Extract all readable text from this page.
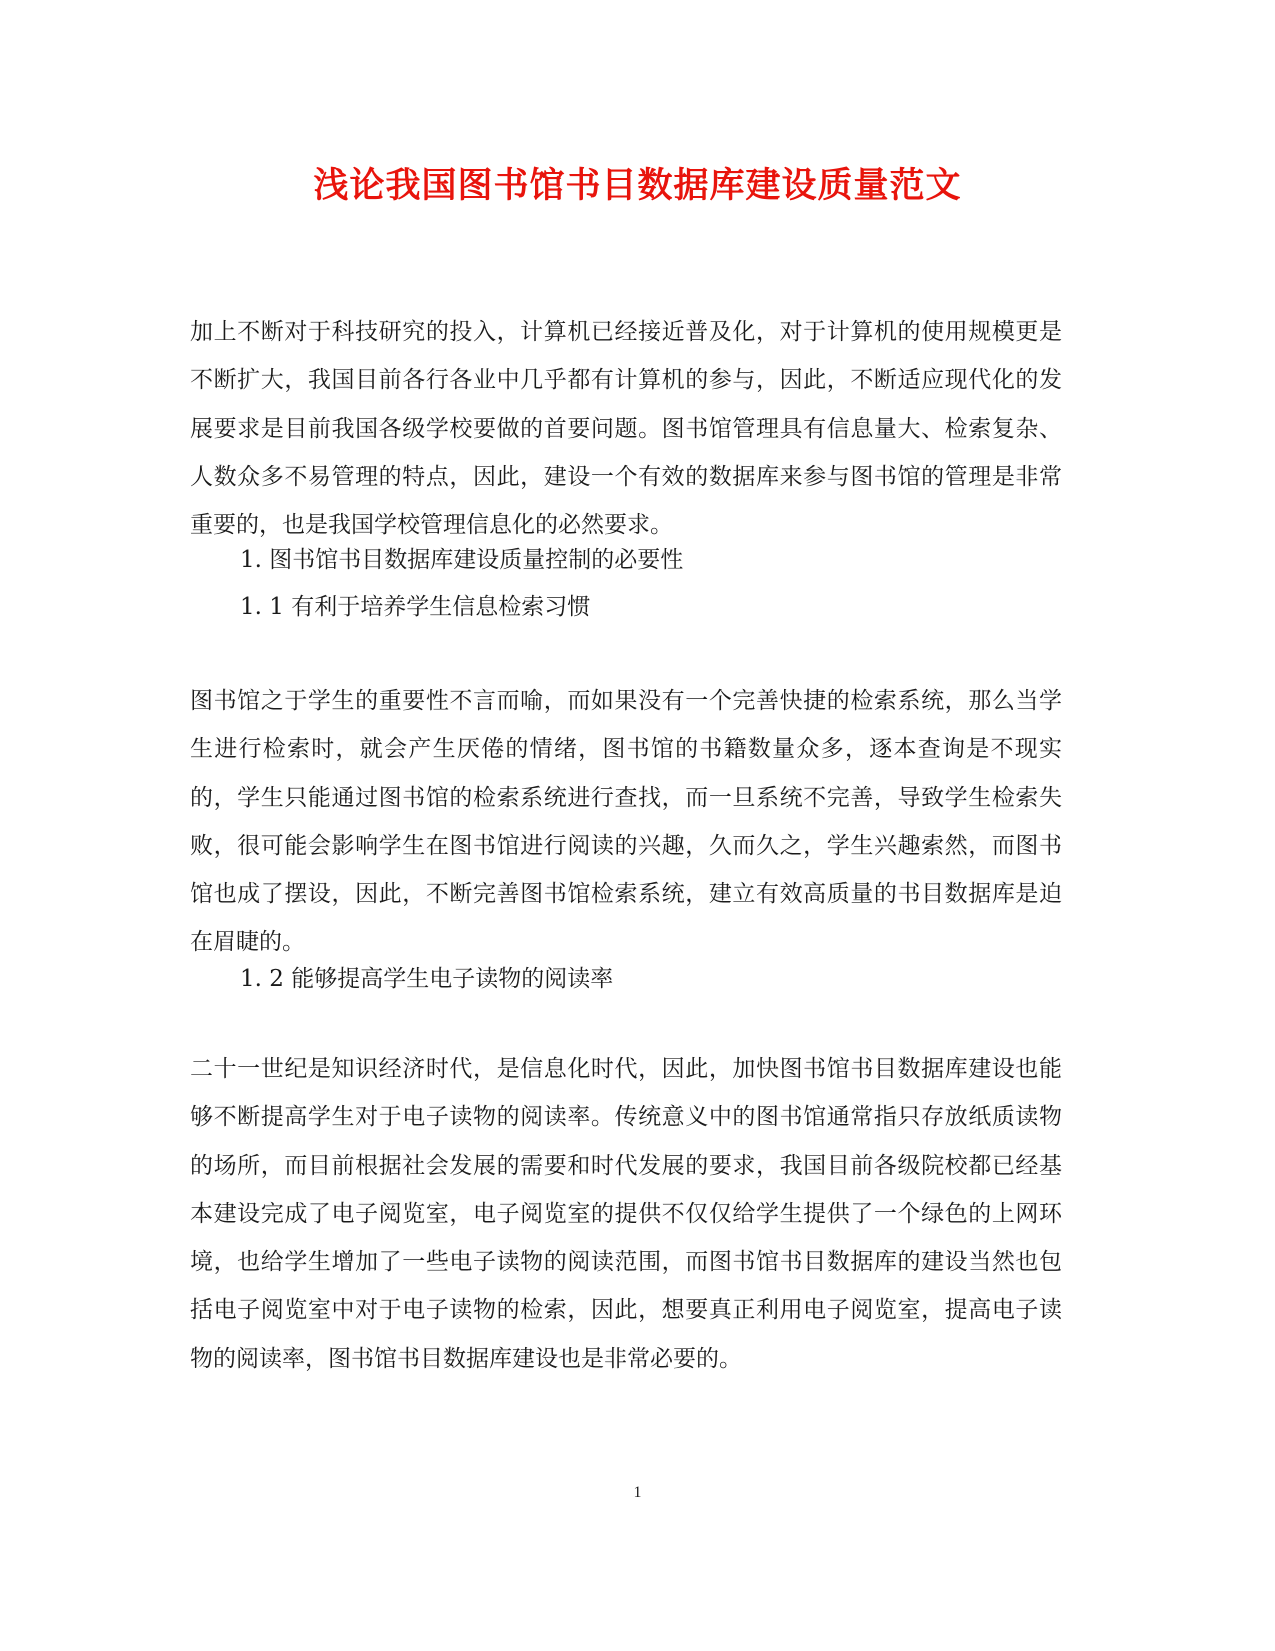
浅论我国图书馆书目数据库建设质量范文
加上不断对于科技研究的投入，计算机已经接近普及化，对于计算机的使用规模更是不断扩大，我国目前各行各业中几乎都有计算机的参与，因此，不断适应现代化的发展要求是目前我国各级学校要做的首要问题。图书馆管理具有信息量大、检索复杂、人数众多不易管理的特点，因此，建设一个有效的数据库来参与图书馆的管理是非常重要的，也是我国学校管理信息化的必然要求。
1. 图书馆书目数据库建设质量控制的必要性
1. 1 有利于培养学生信息检索习惯
图书馆之于学生的重要性不言而喻，而如果没有一个完善快捷的检索系统，那么当学生进行检索时，就会产生厌倦的情绪，图书馆的书籍数量众多，逐本查询是不现实的，学生只能通过图书馆的检索系统进行查找，而一旦系统不完善，导致学生检索失败，很可能会影响学生在图书馆进行阅读的兴趣，久而久之，学生兴趣索然，而图书馆也成了摆设，因此，不断完善图书馆检索系统，建立有效高质量的书目数据库是迫在眉睫的。
1. 2 能够提高学生电子读物的阅读率
二十一世纪是知识经济时代，是信息化时代，因此，加快图书馆书目数据库建设也能够不断提高学生对于电子读物的阅读率。传统意义中的图书馆通常指只存放纸质读物的场所，而目前根据社会发展的需要和时代发展的要求，我国目前各级院校都已经基本建设完成了电子阅览室，电子阅览室的提供不仅仅给学生提供了一个绿色的上网环境，也给学生增加了一些电子读物的阅读范围，而图书馆书目数据库的建设当然也包括电子阅览室中对于电子读物的检索，因此，想要真正利用电子阅览室，提高电子读物的阅读率，图书馆书目数据库建设也是非常必要的。
1
